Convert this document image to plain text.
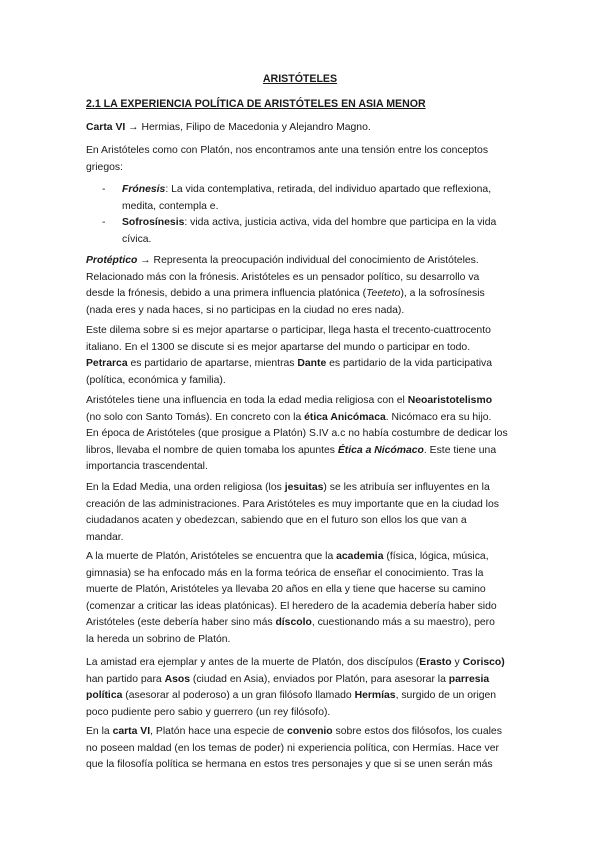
ARISTÓTELES
2.1 LA EXPERIENCIA POLÍTICA DE ARISTÓTELES EN ASIA MENOR
Carta VI → Hermias, Filipo de Macedonia y Alejandro Magno.
En Aristóteles como con Platón, nos encontramos ante una tensión entre los conceptos
griegos:
- Frónesis: La vida contemplativa, retirada, del individuo apartado que reflexiona,
medita, contempla e.
- Sofrosínesis: vida activa, justicia activa, vida del hombre que participa en la vida
cívica.
Protéptico → Representa la preocupación individual del conocimiento de Aristóteles.
Relacionado más con la frónesis. Aristóteles es un pensador político, su desarrollo va
desde la frónesis, debido a una primera influencia platónica (Teeteto), a la sofrosínesis
(nada eres y nada haces, si no participas en la ciudad no eres nada).
Este dilema sobre si es mejor apartarse o participar, llega hasta el trecento-cuattrocento
italiano. En el 1300 se discute si es mejor apartarse del mundo o participar en todo.
Petrarca es partidario de apartarse, mientras Dante es partidario de la vida participativa
(política, económica y familia).
Aristóteles tiene una influencia en toda la edad media religiosa con el Neoaristotelismo
(no solo con Santo Tomás). En concreto con la ética Anicómaca. Nicómaco era su hijo.
En época de Aristóteles (que prosigue a Platón) S.IV a.c no había costumbre de dedicar los
libros, llevaba el nombre de quien tomaba los apuntes Ética a Nicómaco. Este tiene una
importancia trascendental.
En la Edad Media, una orden religiosa (los jesuitas) se les atribuía ser influyentes en la
creación de las administraciones. Para Aristóteles es muy importante que en la ciudad los
ciudadanos acaten y obedezcan, sabiendo que en el futuro son ellos los que van a
mandar.
A la muerte de Platón, Aristóteles se encuentra que la academia (física, lógica, música,
gimnasia) se ha enfocado más en la forma teórica de enseñar el conocimiento. Tras la
muerte de Platón, Aristóteles ya llevaba 20 años en ella y tiene que hacerse su camino
(comenzar a criticar las ideas platónicas). El heredero de la academia debería haber sido
Aristóteles (este debería haber sino más díscolo, cuestionando más a su maestro), pero
la hereda un sobrino de Platón.
La amistad era ejemplar y antes de la muerte de Platón, dos discípulos (Erasto y Corisco)
han partido para Asos (ciudad en Asia), enviados por Platón, para asesorar la parresia
política (asesorar al poderoso) a un gran filósofo llamado Hermías, surgido de un origen
poco pudiente pero sabio y guerrero (un rey filósofo).
En la carta VI, Platón hace una especie de convenio sobre estos dos filósofos, los cuales
no poseen maldad (en los temas de poder) ni experiencia política, con Hermías. Hace ver
que la filosofía política se hermana en estos tres personajes y que si se unen serán más
